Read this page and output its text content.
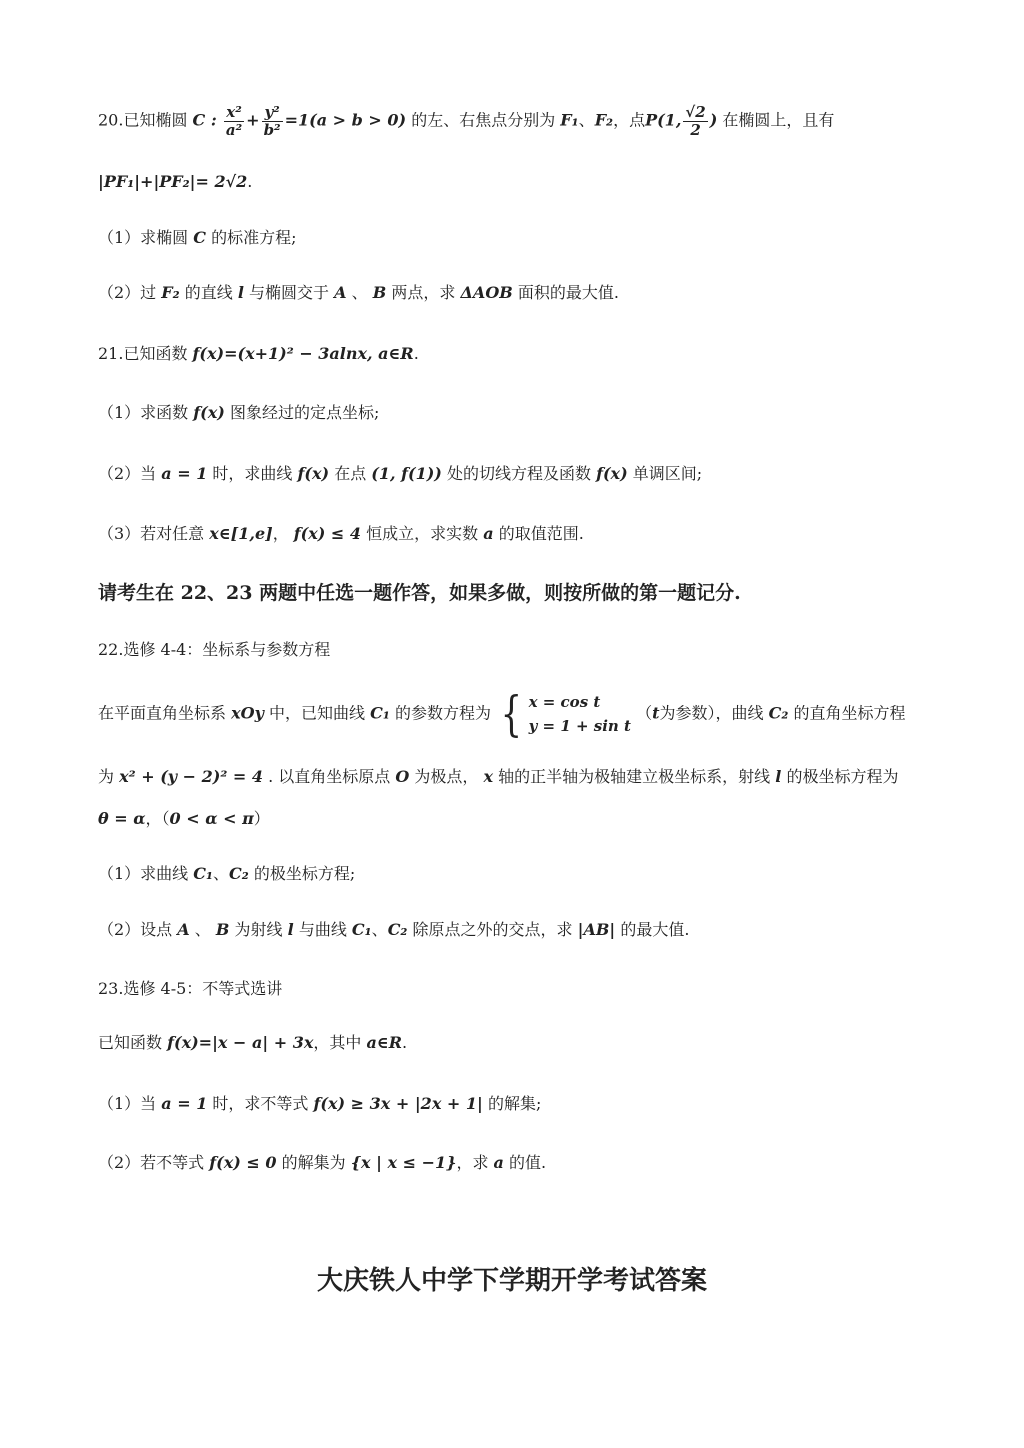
20.已知椭圆 C : $\frac{\text{x²}}{\text{a²}} + \frac{\text{y²}}{\text{b²}} =1(a > b > 0)$ 的左、右焦点分别为 F₁、F₂，点P(1, $\frac{√2}{2}$ ) 在椭圆上，且有
|PF₁|+|PF₂|= 2√2.
（1）求椭圆 C 的标准方程;
（2）过 F₂ 的直线 l 与椭圆交于 A 、 B 两点，求 ΔAOB 面积的最大值.
21.已知函数 f(x)=(x+1)² − 3alnx, a∈R.
（1）求函数 f(x) 图象经过的定点坐标;
（2）当 a = 1 时，求曲线 f(x) 在点 (1, f(1)) 处的切线方程及函数 f(x) 单调区间;
（3）若对任意 x∈[1,e]， f(x) ≤ 4 恒成立，求实数 a 的取值范围.
请考生在 22、23 两题中任选一题作答，如果多做，则按所做的第一题记分.
22.选修 4-4：坐标系与参数方程
在平面直角坐标系 xOy 中，已知曲线 C₁ 的参数方程为 { x = cos t
y = 1 + sin t
（t为参数），曲线 C₂ 的直角坐标方程
为 x² + (y − 2)² = 4 . 以直角坐标原点 O 为极点， x 轴的正半轴为极轴建立极坐标系，射线 l 的极坐标方程为
θ = α，（0 < α < π）
（1）求曲线 C₁、C₂ 的极坐标方程;
（2）设点 A 、 B 为射线 l 与曲线 C₁、C₂ 除原点之外的交点，求 |AB| 的最大值.
23.选修 4-5：不等式选讲
已知函数 f(x)=|x − a| + 3x，其中 a∈R.
（1）当 a = 1 时，求不等式 f(x) ≥ 3x + |2x + 1| 的解集;
（2）若不等式 f(x) ≤ 0 的解集为 {x | x ≤ −1}，求 a 的值.
大庆铁人中学下学期开学考试答案
